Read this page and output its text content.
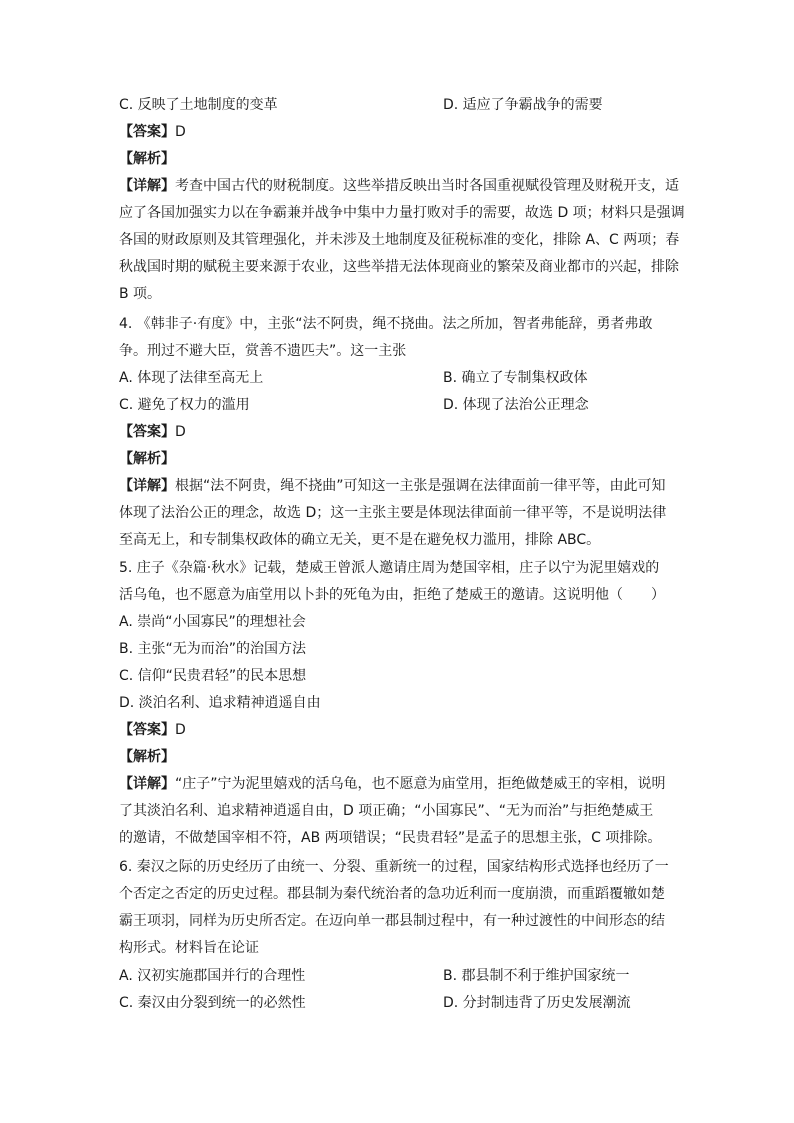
C. 反映了土地制度的变革	D. 适应了争霸战争的需要
【答案】D
【解析】
【详解】考查中国古代的财税制度。这些举措反映出当时各国重视赋役管理及财税开支，适
应了各国加强实力以在争霸兼并战争中集中力量打败对手的需要，故选 D 项；材料只是强调
各国的财政原则及其管理强化，并未涉及土地制度及征税标准的变化，排除 A、C 两项；春
秋战国时期的赋税主要来源于农业，这些举措无法体现商业的繁荣及商业都市的兴起，排除
B 项。
4. 《韩非子·有度》中，主张“法不阿贵，绳不挠曲。法之所加，智者弗能辞，勇者弗敢
争。刑过不避大臣，赏善不遗匹夫”。这一主张
A. 体现了法律至高无上	B. 确立了专制集权政体
C. 避免了权力的滥用	D. 体现了法治公正理念
【答案】D
【解析】
【详解】根据“法不阿贵，绳不挠曲”可知这一主张是强调在法律面前一律平等，由此可知
体现了法治公正的理念，故选 D；这一主张主要是体现法律面前一律平等，不是说明法律
至高无上，和专制集权政体的确立无关，更不是在避免权力滥用，排除 ABC。
5. 庄子《杂篇·秋水》记载，楚威王曾派人邀请庄周为楚国宰相，庄子以宁为泥里嬉戏的
活乌龟，也不愿意为庙堂用以卜卦的死龟为由，拒绝了楚威王的邀请。这说明他（　　）
A. 崇尚“小国寡民”的理想社会
B. 主张“无为而治”的治国方法
C. 信仰“民贵君轻”的民本思想
D. 淡泊名利、追求精神逍遥自由
【答案】D
【解析】
【详解】“庄子”宁为泥里嬉戏的活乌龟，也不愿意为庙堂用，拒绝做楚威王的宰相，说明
了其淡泊名利、追求精神逍遥自由，D 项正确；“小国寡民”、“无为而治”与拒绝楚威王
的邀请，不做楚国宰相不符，AB 两项错误；“民贵君轻”是孟子的思想主张，C 项排除。
6. 秦汉之际的历史经历了由统一、分裂、重新统一的过程，国家结构形式选择也经历了一
个否定之否定的历史过程。郡县制为秦代统治者的急功近利而一度崩溃，而重蹈覆辙如楚
霸王项羽，同样为历史所否定。在迈向单一郡县制过程中，有一种过渡性的中间形态的结
构形式。材料旨在论证
A. 汉初实施郡国并行的合理性	B. 郡县制不利于维护国家统一
C. 秦汉由分裂到统一的必然性	D. 分封制违背了历史发展潮流
